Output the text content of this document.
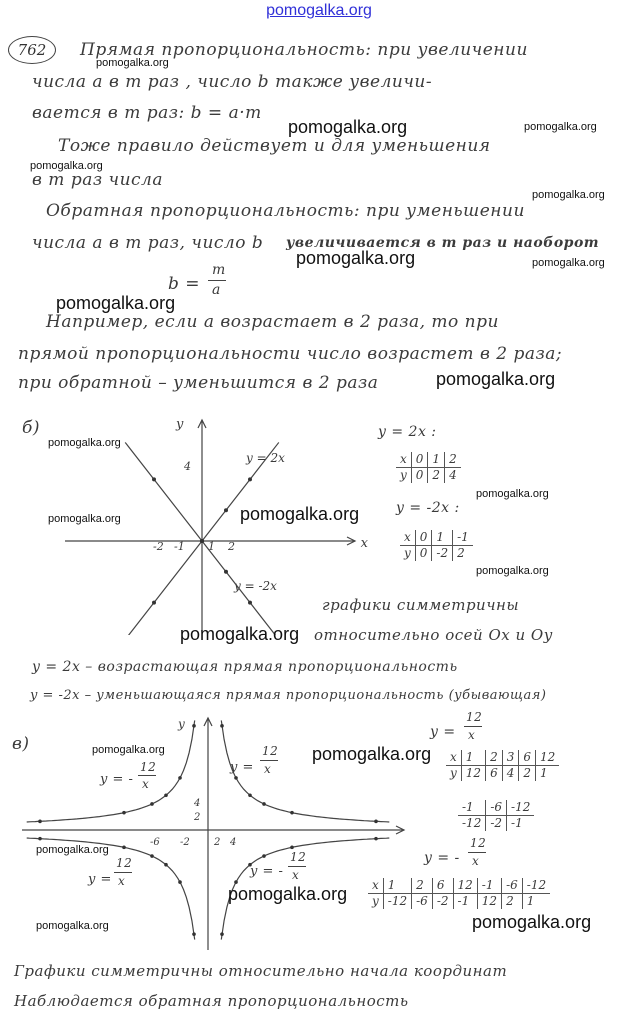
pomogalka.org
762	Прямая пропорциональность: при увеличении
числа a в m раз , число b также увеличи-
вается в m раз: b = a·m
Тоже правило действует и для уменьшения
в m раз числа
Обратная пропорциональность: при уменьшении
числа a в m раз, число b увеличивается в m раз и наоборот
b =
m
a
Например, если a возрастает в 2 раза, то при
прямой пропорциональности число возрастет в 2 раза;
при обратной – уменьшится в 2 раза
б)	y
x
-2 -1 1 2
4
y = 2x
y = -2x
y = 2x :
x	0	1	2
y	0	2	4
y = -2x :
x	0	1	-1
y	0	-2	2
графики симметричны
относительно осей Ox и Oy
y = 2x – возрастающая прямая пропорциональность
y = -2x – уменьшающаяся прямая пропорциональность (убывающая)
в)
y
-6 -2 2 4
4
2
y =
12
x
y = -
12
x
y =
12
x
y = -
12
x
y =
12
x
x	1	2	3	6	12
y	12	6	4	2	1
-1	-6	-12
-12	-2	-1
y = -
12
x
x	1	2	6	12	-1	-6	-12
y	-12	-6	-2	-1	12	2	1
Графики симметричны относительно начала координат
Наблюдается обратная пропорциональность
pomogalka.org
pomogalka.org	pomogalka.org
pomogalka.org
pomogalka.org
pomogalka.org	pomogalka.org
pomogalka.org
pomogalka.org
pomogalka.org
pomogalka.org
pomogalka.org
pomogalka.org
pomogalka.org
pomogalka.org
pomogalka.org	pomogalka.org
pomogalka.org
pomogalka.org
pomogalka.org
pomogalka.org
